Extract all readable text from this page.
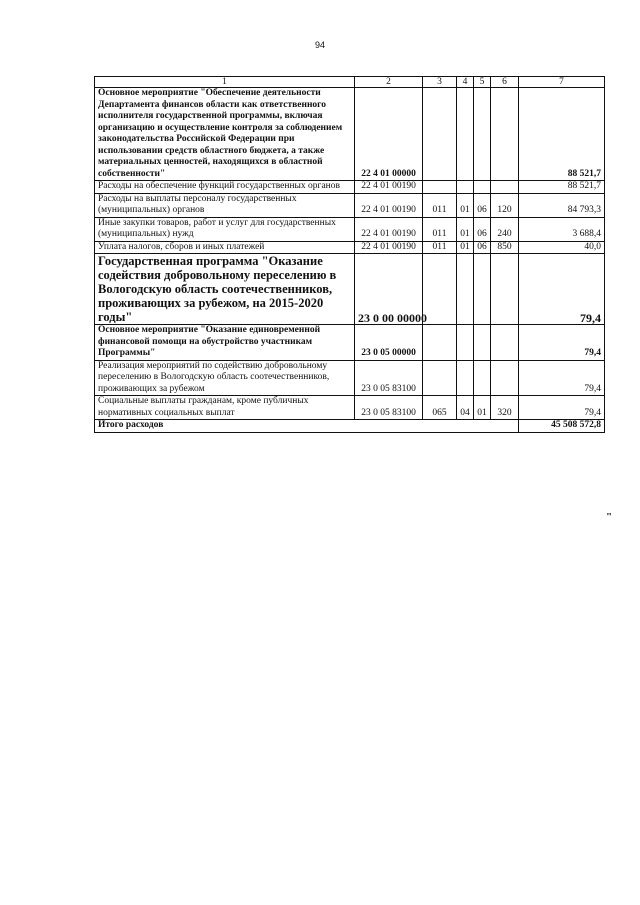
94
1	2	3	4	5	6	7
Основное мероприятие "Обеспечение деятельности Департамента финансов области как ответственного исполнителя государственной программы, включая организацию и осуществление контроля за соблюдением законодательства Российской Федерации при использовании средств областного бюджета, а также материальных ценностей, находящихся в областной собственности"	22 4 01 00000					88 521,7
Расходы на обеспечение функций государственных органов	22 4 01 00190					88 521,7
Расходы на выплаты персоналу государственных (муниципальных) органов	22 4 01 00190	011	01	06	120	84 793,3
Иные закупки товаров, работ и услуг для государственных (муниципальных) нужд	22 4 01 00190	011	01	06	240	3 688,4
Уплата налогов, сборов и иных платежей	22 4 01 00190	011	01	06	850	40,0
Государственная программа "Оказание содействия добровольному переселению в Вологодскую область соотечественников, проживающих за рубежом, на 2015-2020 годы"	23 0 00 00000					79,4
Основное мероприятие "Оказание единовременной финансовой помощи на обустройство участникам Программы"	23 0 05 00000					79,4
Реализация мероприятий по содействию добровольному переселению в Вологодскую область соотечественников, проживающих за рубежом	23 0 05 83100					79,4
Социальные выплаты гражданам, кроме публичных нормативных социальных выплат	23 0 05 83100	065	04	01	320	79,4
Итого расходов						45 508 572,8
"
